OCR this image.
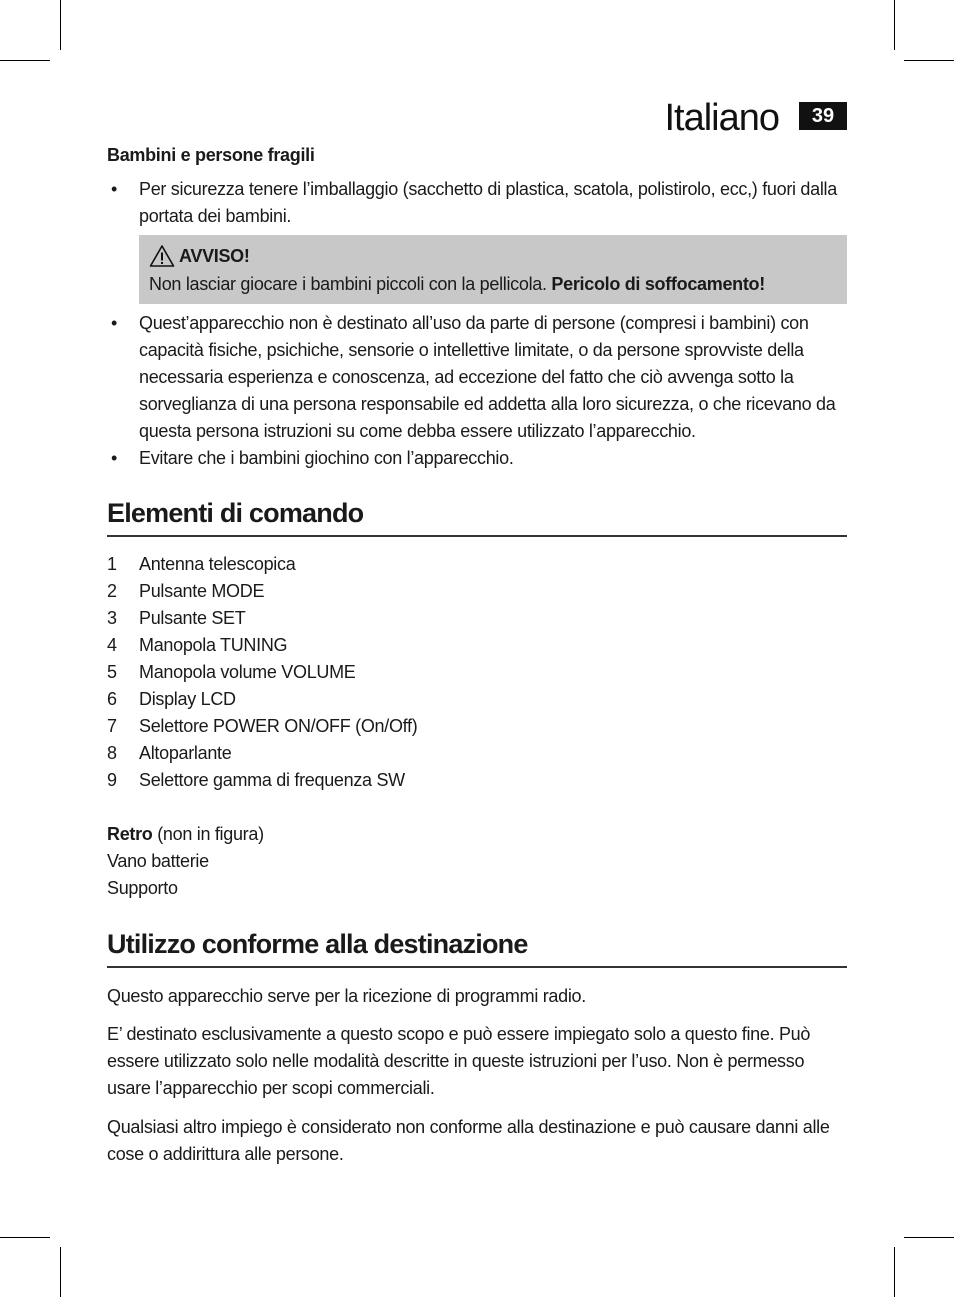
Italiano	39
Bambini e persone fragili
• Per sicurezza tenere l’imballaggio (sacchetto di plastica, scatola, polistirolo, ecc,) fuori dalla portata dei bambini.
AVVISO!
Non lasciar giocare i bambini piccoli con la pellicola. Pericolo di soffocamento!
• Quest’apparecchio non è destinato all’uso da parte di persone (compresi i bambini) con capacità fisiche, psichiche, sensorie o intellettive limitate, o da persone sprovviste della necessaria esperienza e conoscenza, ad eccezione del fatto che ciò avvenga sotto la sorveglianza di una persona responsabile ed addetta alla loro sicurezza, o che ricevano da questa persona istruzioni su come debba essere utilizzato l’apparecchio.
• Evitare che i bambini giochino con l’apparecchio.
Elementi di comando
1	Antenna telescopica
2	Pulsante MODE
3	Pulsante SET
4	Manopola TUNING
5	Manopola volume VOLUME
6	Display LCD
7	Selettore POWER ON/OFF (On/Off)
8	Altoparlante
9	Selettore gamma di frequenza SW
Retro (non in figura)
Vano batterie
Supporto
Utilizzo conforme alla destinazione

Questo apparecchio serve per la ricezione di programmi radio.

E’ destinato esclusivamente a questo scopo e può essere impiegato solo a questo fine. Può essere utilizzato solo nelle modalità descritte in queste istruzioni per l’uso. Non è permesso usare l’apparecchio per scopi commerciali.

Qualsiasi altro impiego è considerato non conforme alla destinazione e può causare danni alle cose o addirittura alle persone.
